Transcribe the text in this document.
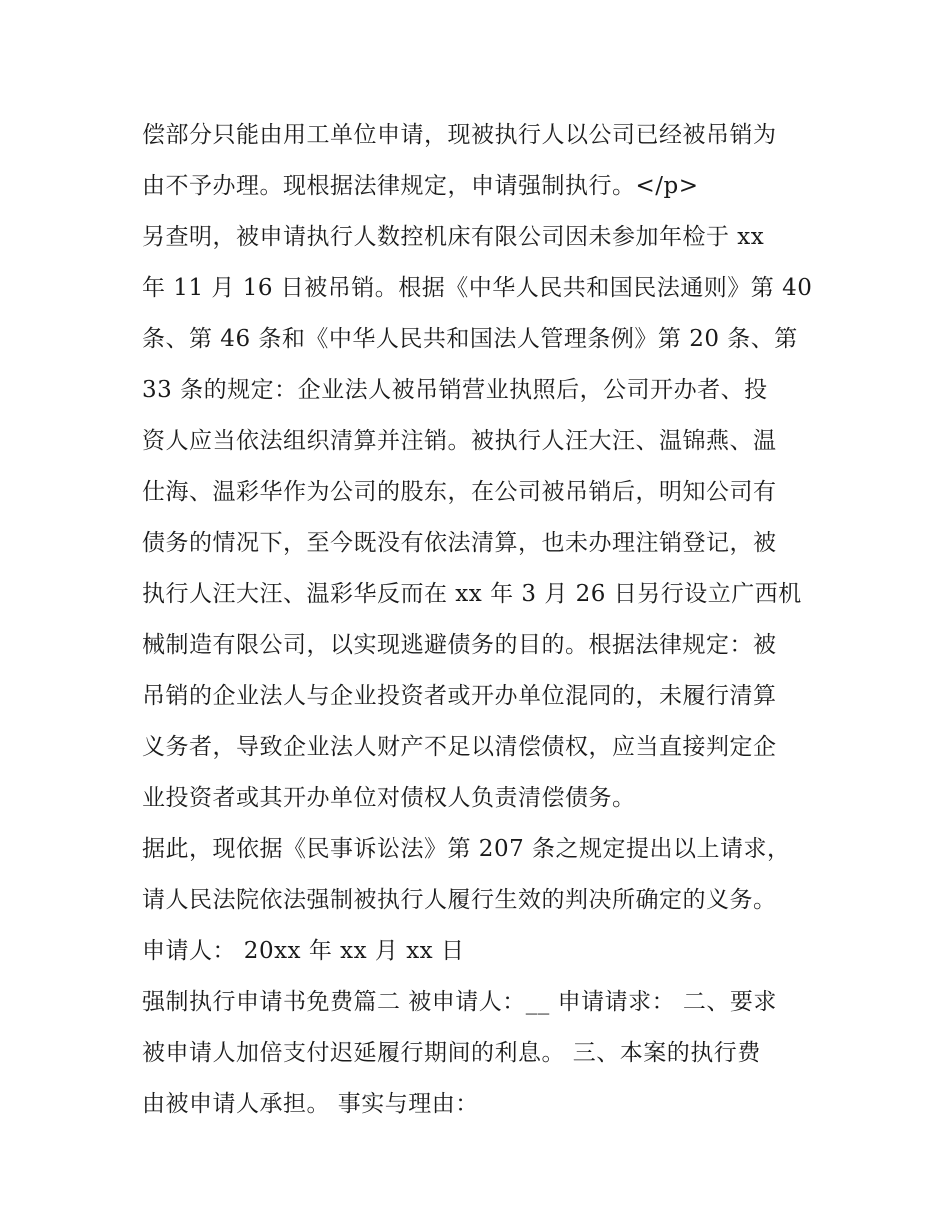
偿部分只能由用工单位申请，现被执行人以公司已经被吊销为
由不予办理。现根据法律规定，申请强制执行。</p>
另查明，被申请执行人数控机床有限公司因未参加年检于 xx
年 11 月 16 日被吊销。根据《中华人民共和国民法通则》第 40
条、第 46 条和《中华人民共和国法人管理条例》第 20 条、第
33 条的规定：企业法人被吊销营业执照后，公司开办者、投
资人应当依法组织清算并注销。被执行人汪大汪、温锦燕、温
仕海、温彩华作为公司的股东，在公司被吊销后，明知公司有
债务的情况下，至今既没有依法清算，也未办理注销登记，被
执行人汪大汪、温彩华反而在 xx 年 3 月 26 日另行设立广西机
械制造有限公司，以实现逃避债务的目的。根据法律规定：被
吊销的企业法人与企业投资者或开办单位混同的，未履行清算
义务者，导致企业法人财产不足以清偿债权，应当直接判定企
业投资者或其开办单位对债权人负责清偿债务。
据此，现依据《民事诉讼法》第 207 条之规定提出以上请求，
请人民法院依法强制被执行人履行生效的判决所确定的义务。
申请人： 20xx 年 xx 月 xx 日
强制执行申请书免费篇二 被申请人：__ 申请请求： 二、要求
被申请人加倍支付迟延履行期间的利息。 三、本案的执行费
由被申请人承担。 事实与理由：
